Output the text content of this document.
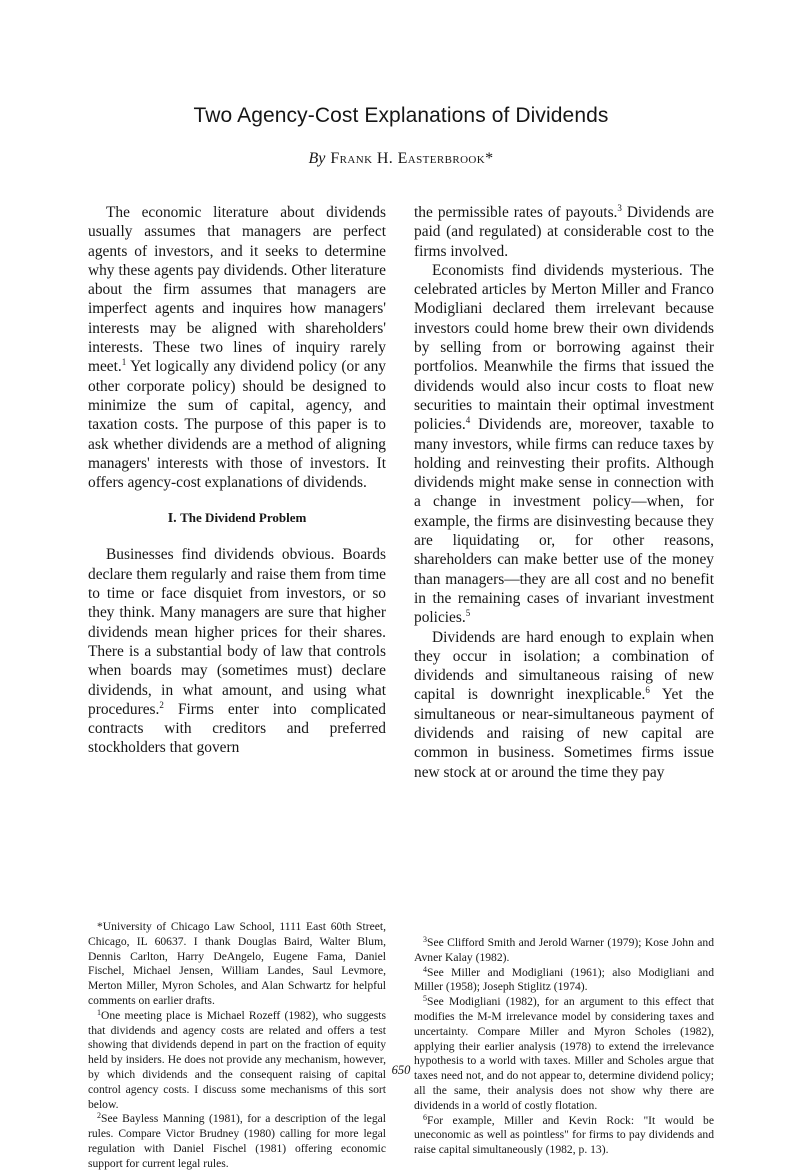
Two Agency-Cost Explanations of Dividends
By Frank H. Easterbrook*

The economic literature about dividends usually assumes that managers are perfect agents of investors, and it seeks to determine why these agents pay dividends. Other literature about the firm assumes that managers are imperfect agents and inquires how managers' interests may be aligned with shareholders' interests. These two lines of inquiry rarely meet.$^1$ Yet logically any dividend policy (or any other corporate policy) should be designed to minimize the sum of capital, agency, and taxation costs. The purpose of this paper is to ask whether dividends are a method of aligning managers' interests with those of investors. It offers agency-cost explanations of dividends.

I. The Dividend Problem

Businesses find dividends obvious. Boards declare them regularly and raise them from time to time or face disquiet from investors, or so they think. Many managers are sure that higher dividends mean higher prices for their shares. There is a substantial body of law that controls when boards may (sometimes must) declare dividends, in what amount, and using what procedures.$^2$ Firms enter into complicated contracts with creditors and preferred stockholders that govern

the permissible rates of payouts.$^3$ Dividends are paid (and regulated) at considerable cost to the firms involved.

Economists find dividends mysterious. The celebrated articles by Merton Miller and Franco Modigliani declared them irrelevant because investors could home brew their own dividends by selling from or borrowing against their portfolios. Meanwhile the firms that issued the dividends would also incur costs to float new securities to maintain their optimal investment policies.$^4$ Dividends are, moreover, taxable to many investors, while firms can reduce taxes by holding and reinvesting their profits. Although dividends might make sense in connection with a change in investment policy—when, for example, the firms are disinvesting because they are liquidating or, for other reasons, shareholders can make better use of the money than managers—they are all cost and no benefit in the remaining cases of invariant investment policies.$^5$

Dividends are hard enough to explain when they occur in isolation; a combination of dividends and simultaneous raising of new capital is downright inexplicable.$^6$ Yet the simultaneous or near-simultaneous payment of dividends and raising of new capital are common in business. Sometimes firms issue new stock at or around the time they pay

*University of Chicago Law School, 1111 East 60th Street, Chicago, IL 60637. I thank Douglas Baird, Walter Blum, Dennis Carlton, Harry DeAngelo, Eugene Fama, Daniel Fischel, Michael Jensen, William Landes, Saul Levmore, Merton Miller, Myron Scholes, and Alan Schwartz for helpful comments on earlier drafts.

$^1$One meeting place is Michael Rozeff (1982), who suggests that dividends and agency costs are related and offers a test showing that dividends depend in part on the fraction of equity held by insiders. He does not provide any mechanism, however, by which dividends and the consequent raising of capital control agency costs. I discuss some mechanisms of this sort below.

$^2$See Bayless Manning (1981), for a description of the legal rules. Compare Victor Brudney (1980) calling for more legal regulation with Daniel Fischel (1981) offering economic support for current legal rules.

$^3$See Clifford Smith and Jerold Warner (1979); Kose John and Avner Kalay (1982).

$^4$See Miller and Modigliani (1961); also Modigliani and Miller (1958); Joseph Stiglitz (1974).

$^5$See Modigliani (1982), for an argument to this effect that modifies the M-M irrelevance model by considering taxes and uncertainty. Compare Miller and Myron Scholes (1982), applying their earlier analysis (1978) to extend the irrelevance hypothesis to a world with taxes. Miller and Scholes argue that taxes need not, and do not appear to, determine dividend policy; all the same, their analysis does not show why there are dividends in a world of costly flotation.

$^6$For example, Miller and Kevin Rock: "It would be uneconomic as well as pointless" for firms to pay dividends and raise capital simultaneously (1982, p. 13).

650
